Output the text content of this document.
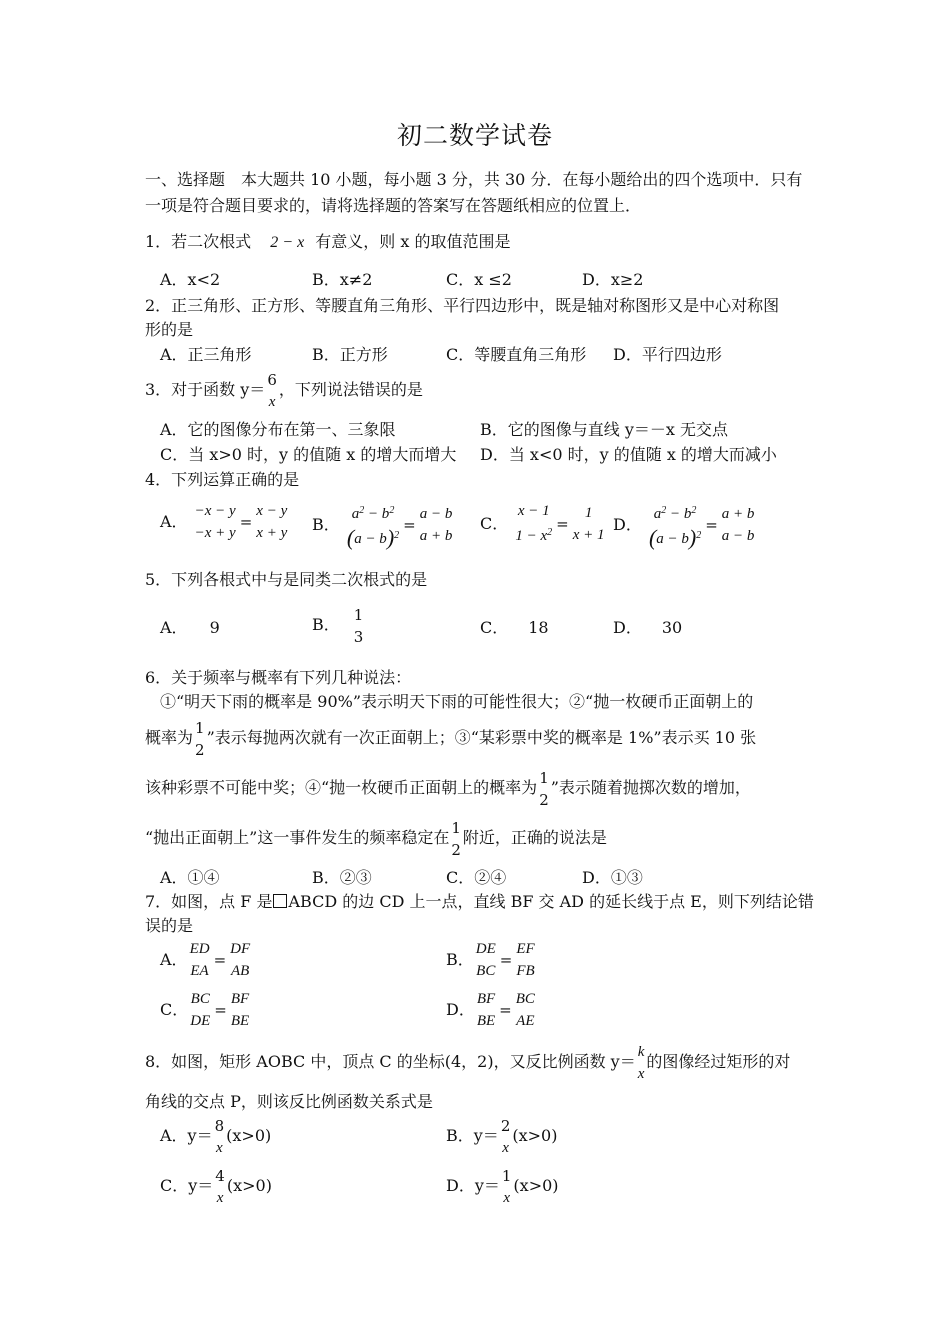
初二数学试卷
一、选择题　本大题共 10 小题，每小题 3 分，共 30 分．在每小题给出的四个选项中．只有
一项是符合题目要求的，请将选择题的答案写在答题纸相应的位置上．
1．若二次根式 2 − x 有意义，则 x 的取值范围是
A．x<2	B．x≠2	C．x ≤2	D．x≥2
2．正三角形、正方形、等腰直角三角形、平行四边形中，既是轴对称图形又是中心对称图
形的是
A．正三角形	B．正方形	C．等腰直角三角形 D．平行四边形
3．对于函数 y＝
6
x
，下列说法错误的是
A．它的图像分布在第一、三象限	B．它的图像与直线 y＝－x 无交点
C．当 x>0 时，y 的值随 x 的增大而增大 D．当 x<0 时，y 的值随 x 的增大而减小
4．下列运算正确的是
A．
−x − y
−x + y
=
x − y
x + y B．
$a^2 - b^2$
$(a - b)^2$
=
a − b
a + b
C．
x − 1
$1 - x^2$ =
1
x + 1
D．
$a^2 - b^2$
$(a - b)^2$
=
a + b
a − b
5．下列各根式中与是同类二次根式的是
A． 9	B．
1
3	C． 18	D． 30
6．关于频率与概率有下列几种说法：
①“明天下雨的概率是 90%”表示明天下雨的可能性很大；②“抛一枚硬币正面朝上的
概率为
1
2
”表示每抛两次就有一次正面朝上；③“某彩票中奖的概率是 1%”表示买 10 张
该种彩票不可能中奖；④“抛一枚硬币正面朝上的概率为
1
2
”表示随着抛掷次数的增加，
“抛出正面朝上”这一事件发生的频率稳定在
1
2
附近，正确的说法是
A．①④	B．②③	C．②④	D．①③
7．如图，点 F 是 ABCD 的边 CD 上一点，直线 BF 交 AD 的延长线于点 E，则下列结论错
误的是
A．
ED
EA
=
DF
AB
B．
DE
BC
=
EF
FB
C．
BC
DE
=
BF
BE
D．
BF
BE
=
BC
AE
8．如图，矩形 AOBC 中，顶点 C 的坐标(4，2)，又反比例函数 y＝
k
x
的图像经过矩形的对
角线的交点 P，则该反比例函数关系式是
A．y＝
8
x
(x>0)	B．y＝
2
x
(x>0)
C．y＝
4
x
(x>0)	D．y＝
1
x
(x>0)
